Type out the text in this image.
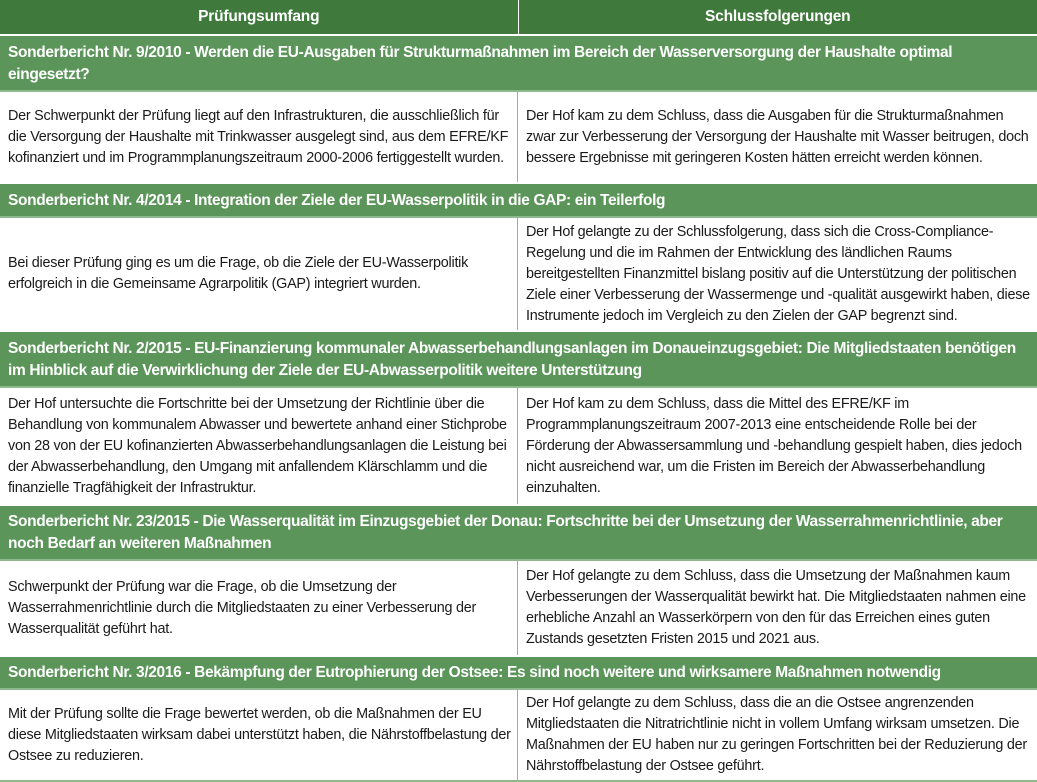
Prüfungsumfang	Schlussfolgerungen
Sonderbericht Nr. 9/2010 - Werden die EU-Ausgaben für Strukturmaßnahmen im Bereich der Wasserversorgung der Haushalte optimal eingesetzt?
Der Schwerpunkt der Prüfung liegt auf den Infrastrukturen, die ausschließlich für die Versorgung der Haushalte mit Trinkwasser ausgelegt sind, aus dem EFRE/KF kofinanziert und im Programmplanungszeitraum 2000-2006 fertiggestellt wurden.
Der Hof kam zu dem Schluss, dass die Ausgaben für die Strukturmaßnahmen zwar zur Verbesserung der Versorgung der Haushalte mit Wasser beitrugen, doch bessere Ergebnisse mit geringeren Kosten hätten erreicht werden können.
Sonderbericht Nr. 4/2014 - Integration der Ziele der EU-Wasserpolitik in die GAP: ein Teilerfolg
Bei dieser Prüfung ging es um die Frage, ob die Ziele der EU-Wasserpolitik erfolgreich in die Gemeinsame Agrarpolitik (GAP) integriert wurden.
Der Hof gelangte zu der Schlussfolgerung, dass sich die Cross-Compliance-Regelung und die im Rahmen der Entwicklung des ländlichen Raums bereitgestellten Finanzmittel bislang positiv auf die Unterstützung der politischen Ziele einer Verbesserung der Wassermenge und -qualität ausgewirkt haben, diese Instrumente jedoch im Vergleich zu den Zielen der GAP begrenzt sind.
Sonderbericht Nr. 2/2015 - EU-Finanzierung kommunaler Abwasserbehandlungsanlagen im Donaueinzugsgebiet: Die Mitgliedstaaten benötigen im Hinblick auf die Verwirklichung der Ziele der EU-Abwasserpolitik weitere Unterstützung
Der Hof untersuchte die Fortschritte bei der Umsetzung der Richtlinie über die Behandlung von kommunalem Abwasser und bewertete anhand einer Stichprobe von 28 von der EU kofinanzierten Abwasserbehandlungsanlagen die Leistung bei der Abwasserbehandlung, den Umgang mit anfallendem Klärschlamm und die finanzielle Tragfähigkeit der Infrastruktur.
Der Hof kam zu dem Schluss, dass die Mittel des EFRE/KF im Programmplanungszeitraum 2007-2013 eine entscheidende Rolle bei der Förderung der Abwassersammlung und -behandlung gespielt haben, dies jedoch nicht ausreichend war, um die Fristen im Bereich der Abwasserbehandlung einzuhalten.
Sonderbericht Nr. 23/2015 - Die Wasserqualität im Einzugsgebiet der Donau: Fortschritte bei der Umsetzung der Wasserrahmenrichtlinie, aber noch Bedarf an weiteren Maßnahmen
Schwerpunkt der Prüfung war die Frage, ob die Umsetzung der Wasserrahmenrichtlinie durch die Mitgliedstaaten zu einer Verbesserung der Wasserqualität geführt hat.
Der Hof gelangte zu dem Schluss, dass die Umsetzung der Maßnahmen kaum Verbesserungen der Wasserqualität bewirkt hat. Die Mitgliedstaaten nahmen eine erhebliche Anzahl an Wasserkörpern von den für das Erreichen eines guten Zustands gesetzten Fristen 2015 und 2021 aus.
Sonderbericht Nr. 3/2016 - Bekämpfung der Eutrophierung der Ostsee: Es sind noch weitere und wirksamere Maßnahmen notwendig
Mit der Prüfung sollte die Frage bewertet werden, ob die Maßnahmen der EU diese Mitgliedstaaten wirksam dabei unterstützt haben, die Nährstoffbelastung der Ostsee zu reduzieren.
Der Hof gelangte zu dem Schluss, dass die an die Ostsee angrenzenden Mitgliedstaaten die Nitratrichtlinie nicht in vollem Umfang wirksam umsetzen. Die Maßnahmen der EU haben nur zu geringen Fortschritten bei der Reduzierung der Nährstoffbelastung der Ostsee geführt.
